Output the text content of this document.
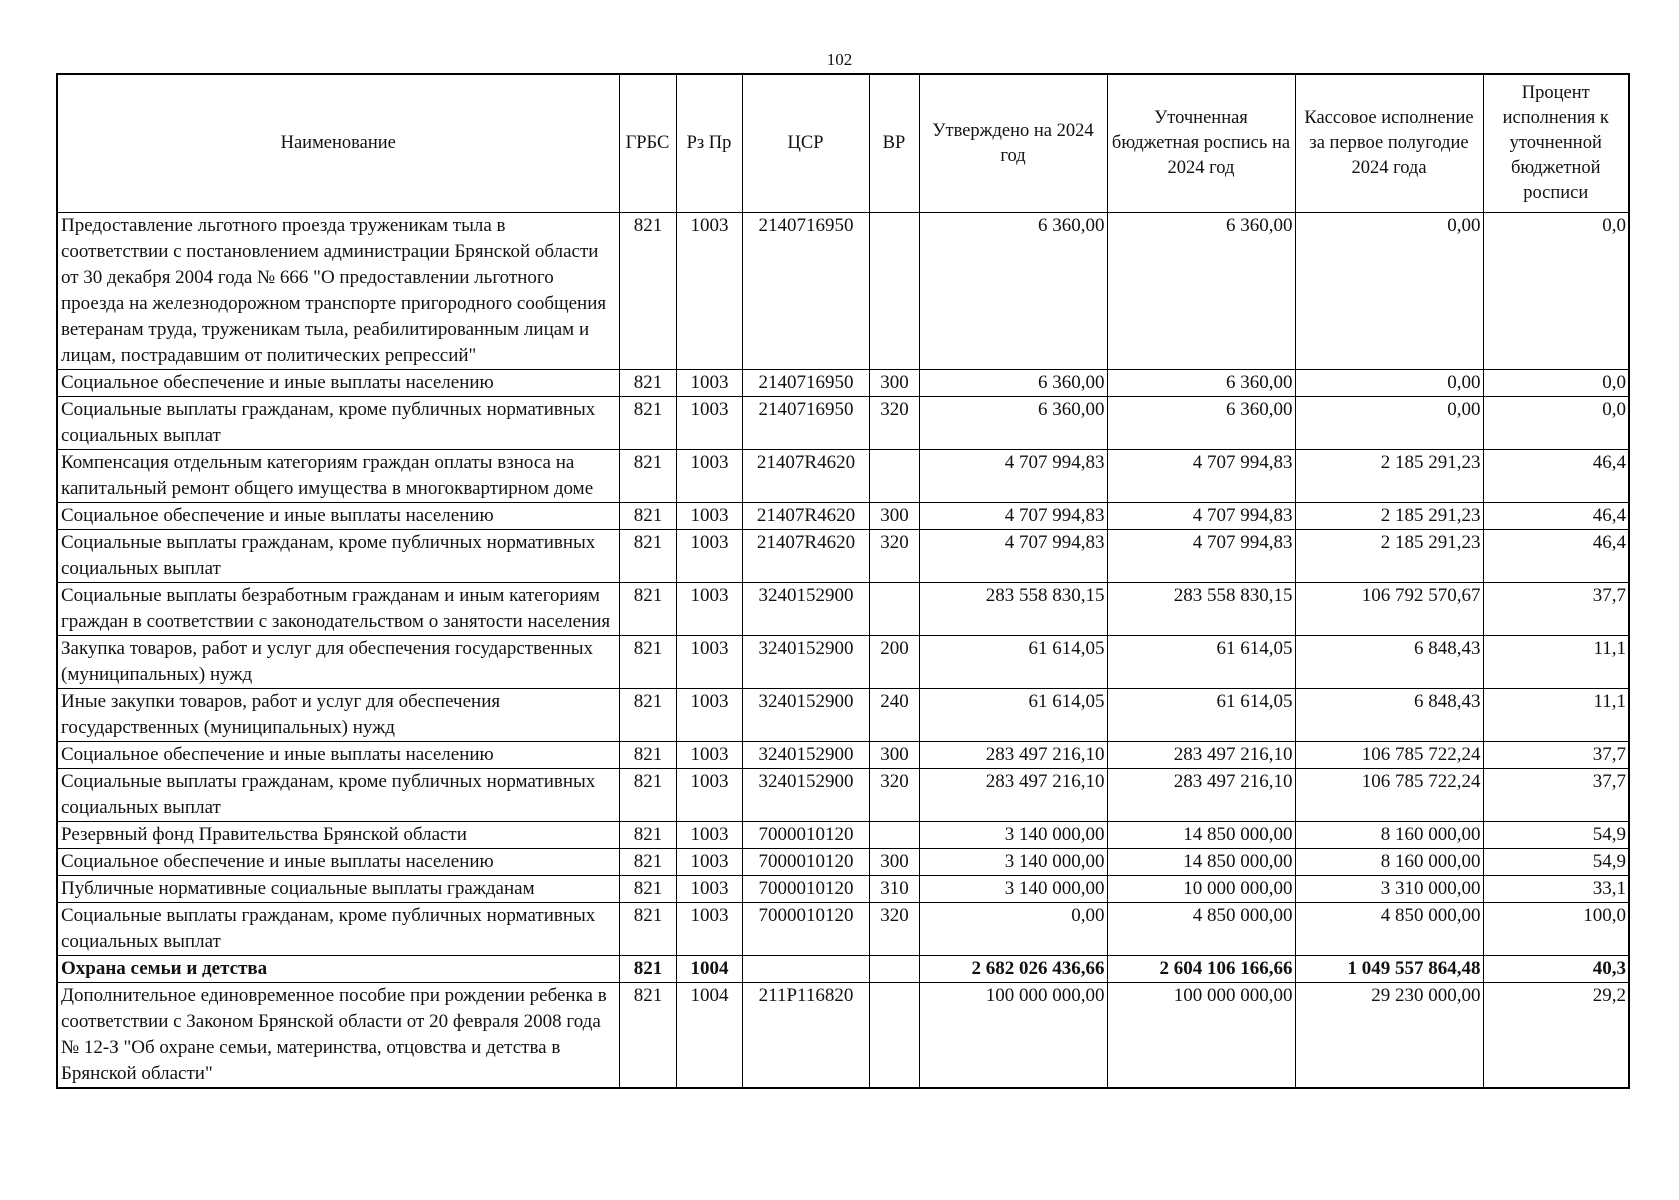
102
Наименование	ГРБС	Рз Пр	ЦСР	ВР	Утверждено на 2024 год	Уточненная бюджетная роспись на 2024 год	Кассовое исполнение за первое полугодие 2024 года	Процент исполнения к уточненной бюджетной росписи
Предоставление льготного проезда труженикам тыла в соответствии с постановлением администрации Брянской области от 30 декабря 2004 года № 666 "О предоставлении льготного проезда на железнодорожном транспорте пригородного сообщения ветеранам труда, труженикам тыла, реабилитированным лицам и лицам, пострадавшим от политических репрессий"	821	1003	2140716950		6 360,00	6 360,00	0,00	0,0
Социальное обеспечение и иные выплаты населению	821	1003	2140716950	300	6 360,00	6 360,00	0,00	0,0
Социальные выплаты гражданам, кроме публичных нормативных социальных выплат	821	1003	2140716950	320	6 360,00	6 360,00	0,00	0,0
Компенсация отдельным категориям граждан оплаты взноса на капитальный ремонт общего имущества в многоквартирном доме	821	1003	21407R4620		4 707 994,83	4 707 994,83	2 185 291,23	46,4
Социальное обеспечение и иные выплаты населению	821	1003	21407R4620	300	4 707 994,83	4 707 994,83	2 185 291,23	46,4
Социальные выплаты гражданам, кроме публичных нормативных социальных выплат	821	1003	21407R4620	320	4 707 994,83	4 707 994,83	2 185 291,23	46,4
Социальные выплаты безработным гражданам и иным категориям граждан в соответствии с законодательством о занятости населения	821	1003	3240152900		283 558 830,15	283 558 830,15	106 792 570,67	37,7
Закупка товаров, работ и услуг для обеспечения государственных (муниципальных) нужд	821	1003	3240152900	200	61 614,05	61 614,05	6 848,43	11,1
Иные закупки товаров, работ и услуг для обеспечения государственных (муниципальных) нужд	821	1003	3240152900	240	61 614,05	61 614,05	6 848,43	11,1
Социальное обеспечение и иные выплаты населению	821	1003	3240152900	300	283 497 216,10	283 497 216,10	106 785 722,24	37,7
Социальные выплаты гражданам, кроме публичных нормативных социальных выплат	821	1003	3240152900	320	283 497 216,10	283 497 216,10	106 785 722,24	37,7
Резервный фонд Правительства Брянской области	821	1003	7000010120		3 140 000,00	14 850 000,00	8 160 000,00	54,9
Социальное обеспечение и иные выплаты населению	821	1003	7000010120	300	3 140 000,00	14 850 000,00	8 160 000,00	54,9
Публичные нормативные социальные выплаты гражданам	821	1003	7000010120	310	3 140 000,00	10 000 000,00	3 310 000,00	33,1
Социальные выплаты гражданам, кроме публичных нормативных социальных выплат	821	1003	7000010120	320	0,00	4 850 000,00	4 850 000,00	100,0
Охрана семьи и детства	821	1004			2 682 026 436,66	2 604 106 166,66	1 049 557 864,48	40,3
Дополнительное единовременное пособие при рождении ребенка в соответствии с Законом Брянской области от 20 февраля 2008 года № 12-З "Об охране семьи, материнства, отцовства и детства в Брянской области"	821	1004	211P116820		100 000 000,00	100 000 000,00	29 230 000,00	29,2
